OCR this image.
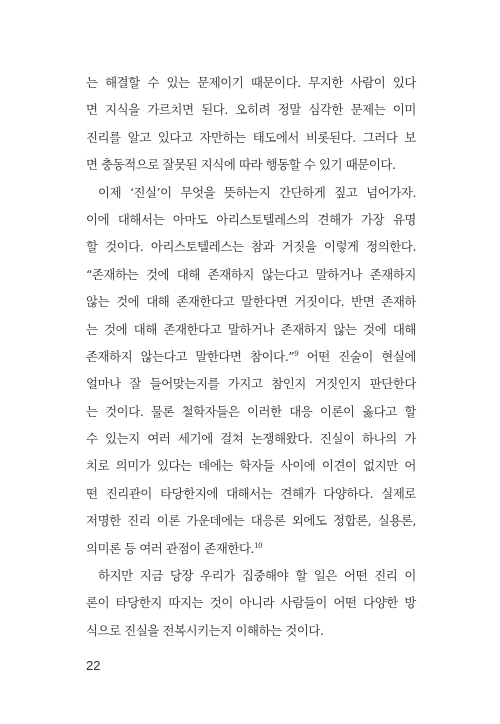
는 해결할 수 있는 문제이기 때문이다. 무지한 사람이 있다
면 지식을 가르치면 된다. 오히려 정말 심각한 문제는 이미
진리를 알고 있다고 자만하는 태도에서 비롯된다. 그러다 보
면 충동적으로 잘못된 지식에 따라 행동할 수 있기 때문이다.
이제 ‘진실’이 무엇을 뜻하는지 간단하게 짚고 넘어가자.
이에 대해서는 아마도 아리스토텔레스의 견해가 가장 유명
할 것이다. 아리스토텔레스는 참과 거짓을 이렇게 정의한다.
“존재하는 것에 대해 존재하지 않는다고 말하거나 존재하지
않는 것에 대해 존재한다고 말한다면 거짓이다. 반면 존재하
는 것에 대해 존재한다고 말하거나 존재하지 않는 것에 대해
존재하지 않는다고 말한다면 참이다.”$^9$ 어떤 진술이 현실에
얼마나 잘 들어맞는지를 가지고 참인지 거짓인지 판단한다
는 것이다. 물론 철학자들은 이러한 대응 이론이 옳다고 할
수 있는지 여러 세기에 걸쳐 논쟁해왔다. 진실이 하나의 가
치로 의미가 있다는 데에는 학자들 사이에 이견이 없지만 어
떤 진리관이 타당한지에 대해서는 견해가 다양하다. 실제로
저명한 진리 이론 가운데에는 대응론 외에도 정합론, 실용론,
의미론 등 여러 관점이 존재한다.$^{10}$
하지만 지금 당장 우리가 집중해야 할 일은 어떤 진리 이
론이 타당한지 따지는 것이 아니라 사람들이 어떤 다양한 방
식으로 진실을 전복시키는지 이해하는 것이다.
22
